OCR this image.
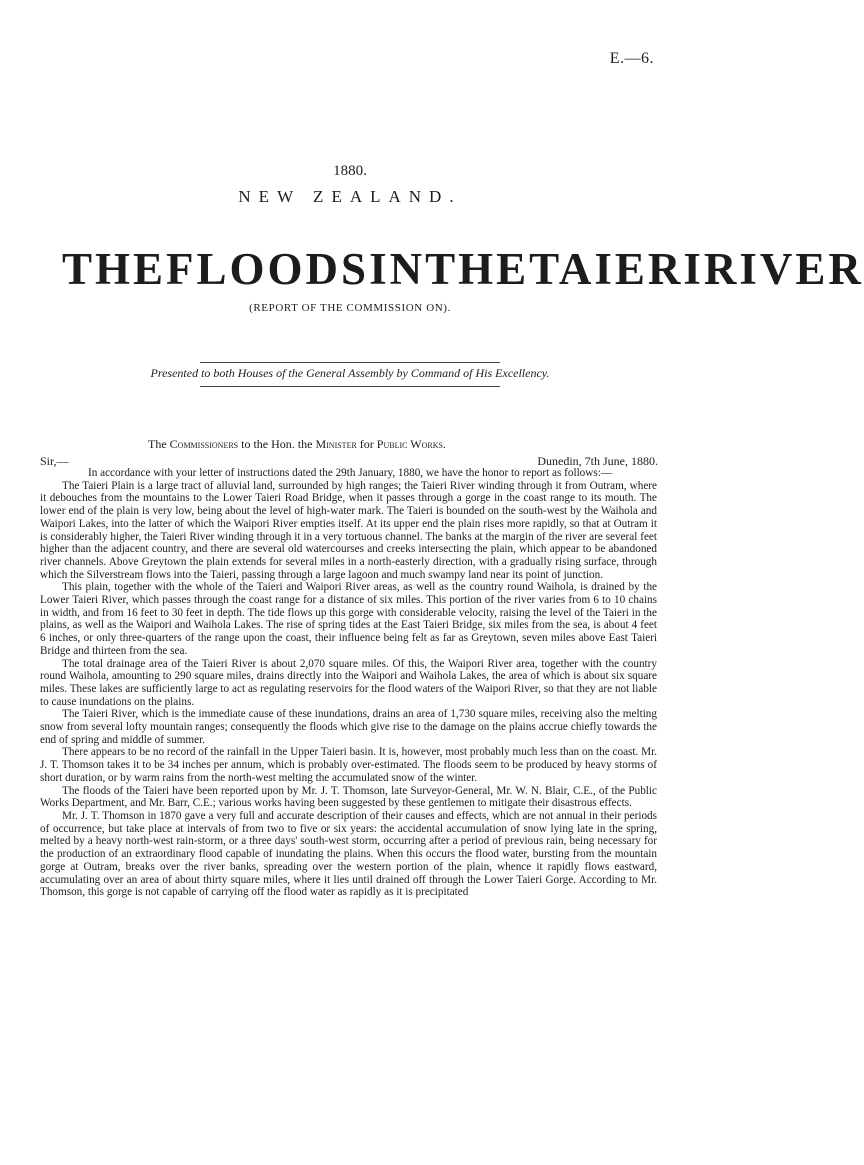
E.—6.
1880.
NEW ZEALAND.
THE FLOODS IN THE TAIERI RIVER
(REPORT OF THE COMMISSION ON).
Presented to both Houses of the General Assembly by Command of His Excellency.
The Commissioners to the Hon. the Minister for Public Works.
Sir,—	Dunedin, 7th June, 1880.

In accordance with your letter of instructions dated the 29th January, 1880, we have the honor to report as follows:—

The Taieri Plain is a large tract of alluvial land, surrounded by high ranges; the Taieri River winding through it from Outram, where it debouches from the mountains to the Lower Taieri Road Bridge, when it passes through a gorge in the coast range to its mouth. The lower end of the plain is very low, being about the level of high-water mark. The Taieri is bounded on the south-west by the Waihola and Waipori Lakes, into the latter of which the Waipori River empties itself. At its upper end the plain rises more rapidly, so that at Outram it is considerably higher, the Taieri River winding through it in a very tortuous channel. The banks at the margin of the river are several feet higher than the adjacent country, and there are several old watercourses and creeks intersecting the plain, which appear to be abandoned river channels. Above Greytown the plain extends for several miles in a north-easterly direction, with a gradually rising surface, through which the Silverstream flows into the Taieri, passing through a large lagoon and much swampy land near its point of junction.

This plain, together with the whole of the Taieri and Waipori River areas, as well as the country round Waihola, is drained by the Lower Taieri River, which passes through the coast range for a distance of six miles. This portion of the river varies from 6 to 10 chains in width, and from 16 feet to 30 feet in depth. The tide flows up this gorge with considerable velocity, raising the level of the Taieri in the plains, as well as the Waipori and Waihola Lakes. The rise of spring tides at the East Taieri Bridge, six miles from the sea, is about 4 feet 6 inches, or only three-quarters of the range upon the coast, their influence being felt as far as Greytown, seven miles above East Taieri Bridge and thirteen from the sea.

The total drainage area of the Taieri River is about 2,070 square miles. Of this, the Waipori River area, together with the country round Waihola, amounting to 290 square miles, drains directly into the Waipori and Waihola Lakes, the area of which is about six square miles. These lakes are sufficiently large to act as regulating reservoirs for the flood waters of the Waipori River, so that they are not liable to cause inundations on the plains.

The Taieri River, which is the immediate cause of these inundations, drains an area of 1,730 square miles, receiving also the melting snow from several lofty mountain ranges; consequently the floods which give rise to the damage on the plains accrue chiefly towards the end of spring and middle of summer.

There appears to be no record of the rainfall in the Upper Taieri basin. It is, however, most probably much less than on the coast. Mr. J. T. Thomson takes it to be 34 inches per annum, which is probably over-estimated. The floods seem to be produced by heavy storms of short duration, or by warm rains from the north-west melting the accumulated snow of the winter.

The floods of the Taieri have been reported upon by Mr. J. T. Thomson, late Surveyor-General, Mr. W. N. Blair, C.E., of the Public Works Department, and Mr. Barr, C.E.; various works having been suggested by these gentlemen to mitigate their disastrous effects.

Mr. J. T. Thomson in 1870 gave a very full and accurate description of their causes and effects, which are not annual in their periods of occurrence, but take place at intervals of from two to five or six years: the accidental accumulation of snow lying late in the spring, melted by a heavy north-west rain-storm, or a three days' south-west storm, occurring after a period of previous rain, being necessary for the production of an extraordinary flood capable of inundating the plains. When this occurs the flood water, bursting from the mountain gorge at Outram, breaks over the river banks, spreading over the western portion of the plain, whence it rapidly flows eastward, accumulating over an area of about thirty square miles, where it lies until drained off through the Lower Taieri Gorge. According to Mr. Thomson, this gorge is not capable of carrying off the flood water as rapidly as it is precipitated
